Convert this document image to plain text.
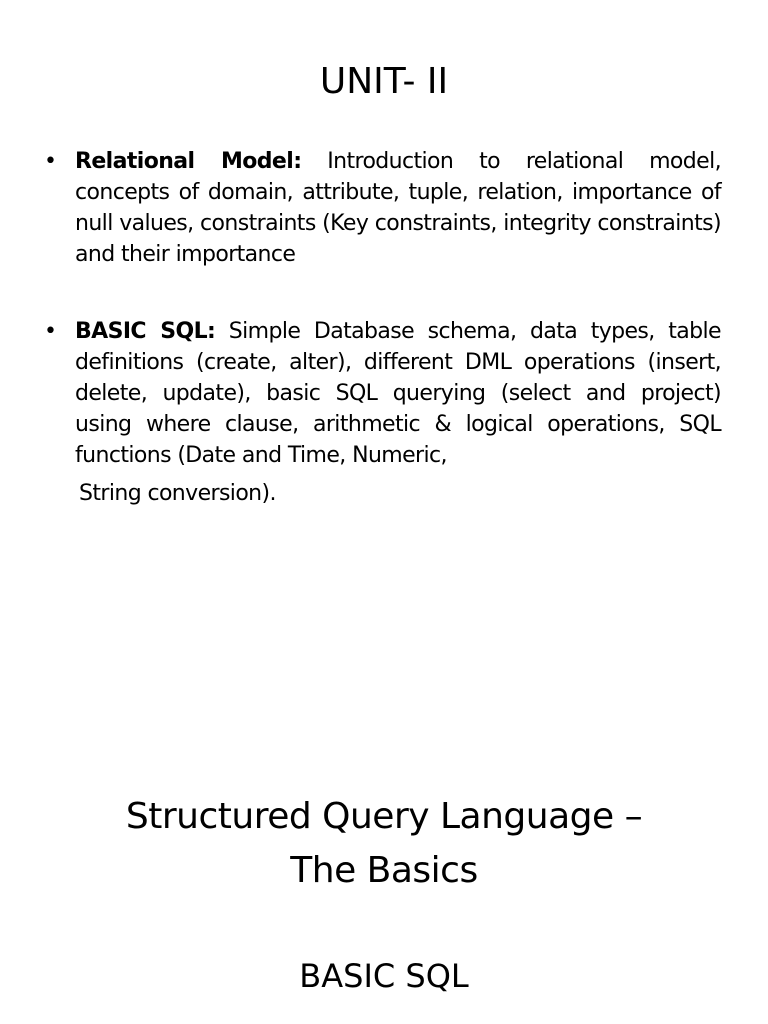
UNIT- II
• Relational Model: Introduction to relational model, concepts of domain, attribute, tuple, relation, importance of null values, constraints (Key constraints, integrity constraints) and their importance
• BASIC SQL: Simple Database schema, data types, table definitions (create, alter), different DML operations (insert, delete, update), basic SQL querying (select and project) using where clause, arithmetic & logical operations, SQL functions (Date and Time, Numeric,
String conversion).
Structured Query Language –
The Basics
BASIC SQL
